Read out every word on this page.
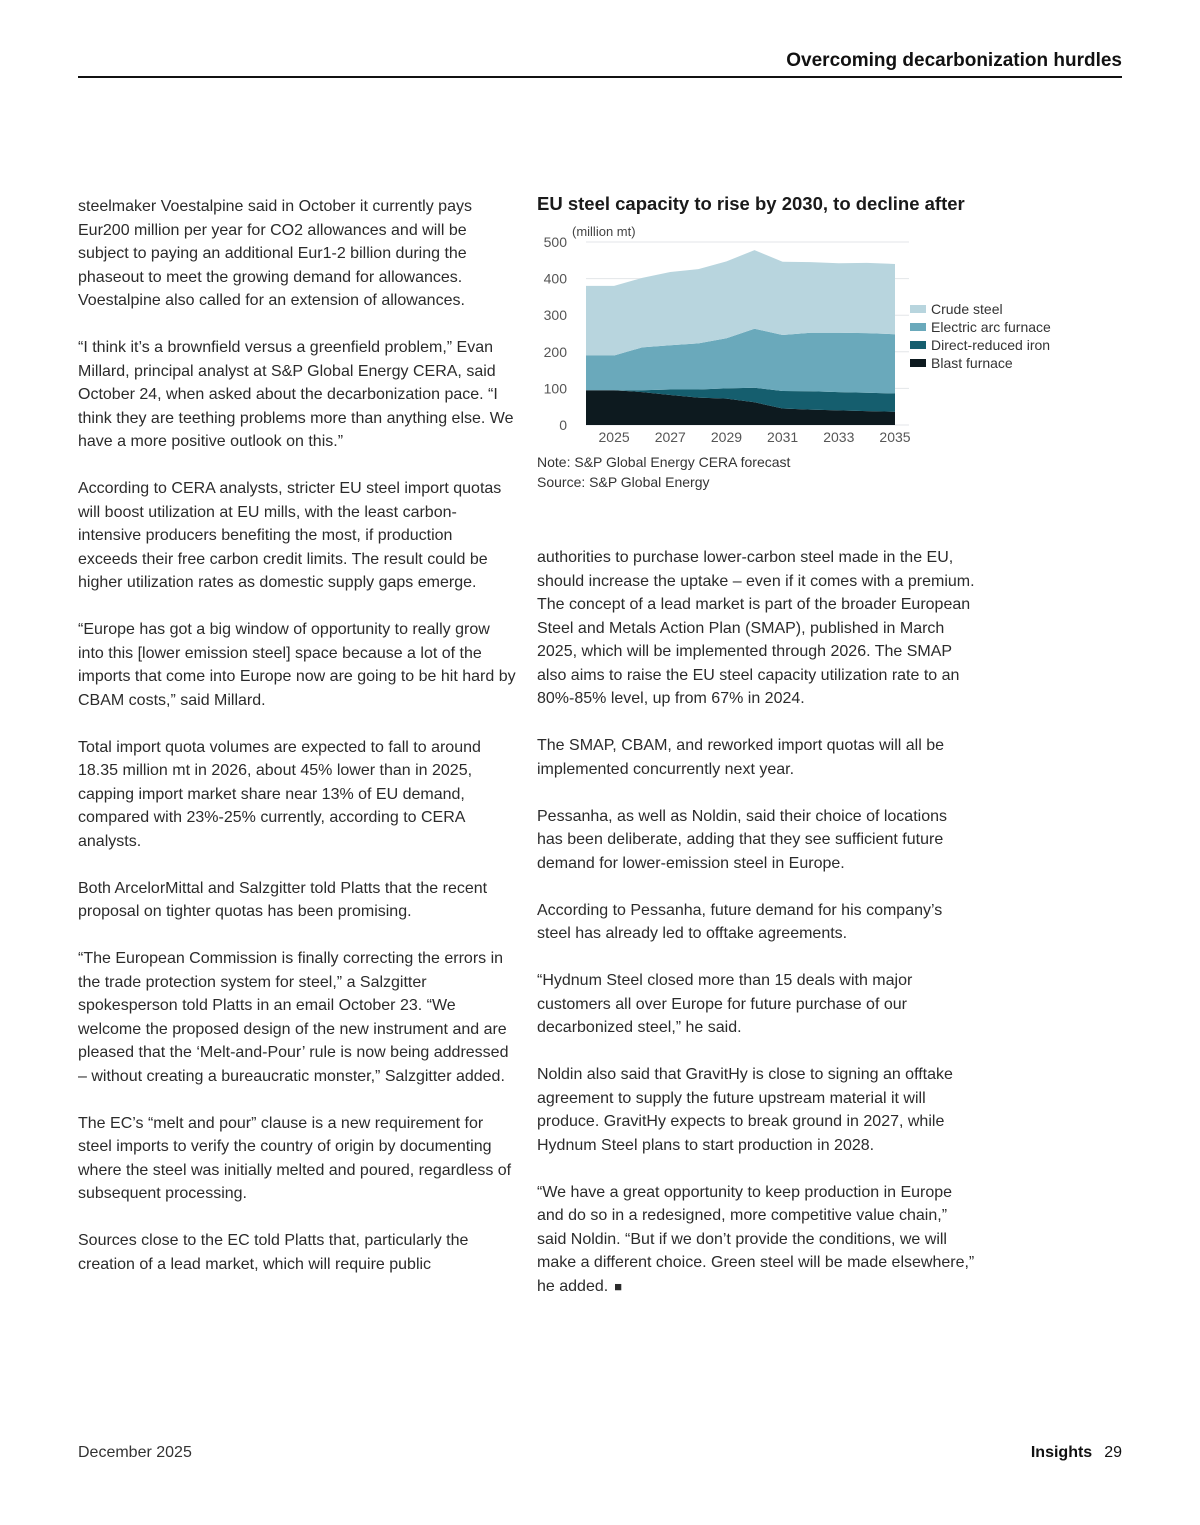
Overcoming decarbonization hurdles

steelmaker Voestalpine said in October it currently pays Eur200 million per year for CO2 allowances and will be subject to paying an additional Eur1-2 billion during the phaseout to meet the growing demand for allowances. Voestalpine also called for an extension of allowances.

“I think it’s a brownfield versus a greenfield problem,” Evan Millard, principal analyst at S&P Global Energy CERA, said October 24, when asked about the decarbonization pace. “I think they are teething problems more than anything else. We have a more positive outlook on this.”

According to CERA analysts, stricter EU steel import quotas will boost utilization at EU mills, with the least carbon-intensive producers benefiting the most, if production exceeds their free carbon credit limits. The result could be higher utilization rates as domestic supply gaps emerge.

“Europe has got a big window of opportunity to really grow into this [lower emission steel] space because a lot of the imports that come into Europe now are going to be hit hard by CBAM costs,” said Millard.

Total import quota volumes are expected to fall to around 18.35 million mt in 2026, about 45% lower than in 2025, capping import market share near 13% of EU demand, compared with 23%-25% currently, according to CERA analysts.

Both ArcelorMittal and Salzgitter told Platts that the recent proposal on tighter quotas has been promising.

“The European Commission is finally correcting the errors in the trade protection system for steel,” a Salzgitter spokesperson told Platts in an email October 23. “We welcome the proposed design of the new instrument and are pleased that the ‘Melt-and-Pour’ rule is now being addressed – without creating a bureaucratic monster,” Salzgitter added.

The EC’s “melt and pour” clause is a new requirement for steel imports to verify the country of origin by documenting where the steel was initially melted and poured, regardless of subsequent processing.

Sources close to the EC told Platts that, particularly the creation of a lead market, which will require public

EU steel capacity to rise by 2030, to decline after
(million mt)
0
100
200
300
400
500
2025 2027 2029 2031 2033 2035
Crude steel
Electric arc furnace
Direct-reduced iron
Blast furnace
Note: S&P Global Energy CERA forecast
Source: S&P Global Energy

authorities to purchase lower-carbon steel made in the EU, should increase the uptake – even if it comes with a premium. The concept of a lead market is part of the broader European Steel and Metals Action Plan (SMAP), published in March 2025, which will be implemented through 2026. The SMAP also aims to raise the EU steel capacity utilization rate to an 80%-85% level, up from 67% in 2024.

The SMAP, CBAM, and reworked import quotas will all be implemented concurrently next year.

Pessanha, as well as Noldin, said their choice of locations has been deliberate, adding that they see sufficient future demand for lower-emission steel in Europe.

According to Pessanha, future demand for his company’s steel has already led to offtake agreements.

“Hydnum Steel closed more than 15 deals with major customers all over Europe for future purchase of our decarbonized steel,” he said.

Noldin also said that GravitHy is close to signing an offtake agreement to supply the future upstream material it will produce. GravitHy expects to break ground in 2027, while Hydnum Steel plans to start production in 2028.

“We have a great opportunity to keep production in Europe and do so in a redesigned, more competitive value chain,” said Noldin. “But if we don’t provide the conditions, we will make a different choice. Green steel will be made elsewhere,” he added. ■

December 2025	Insights 29
